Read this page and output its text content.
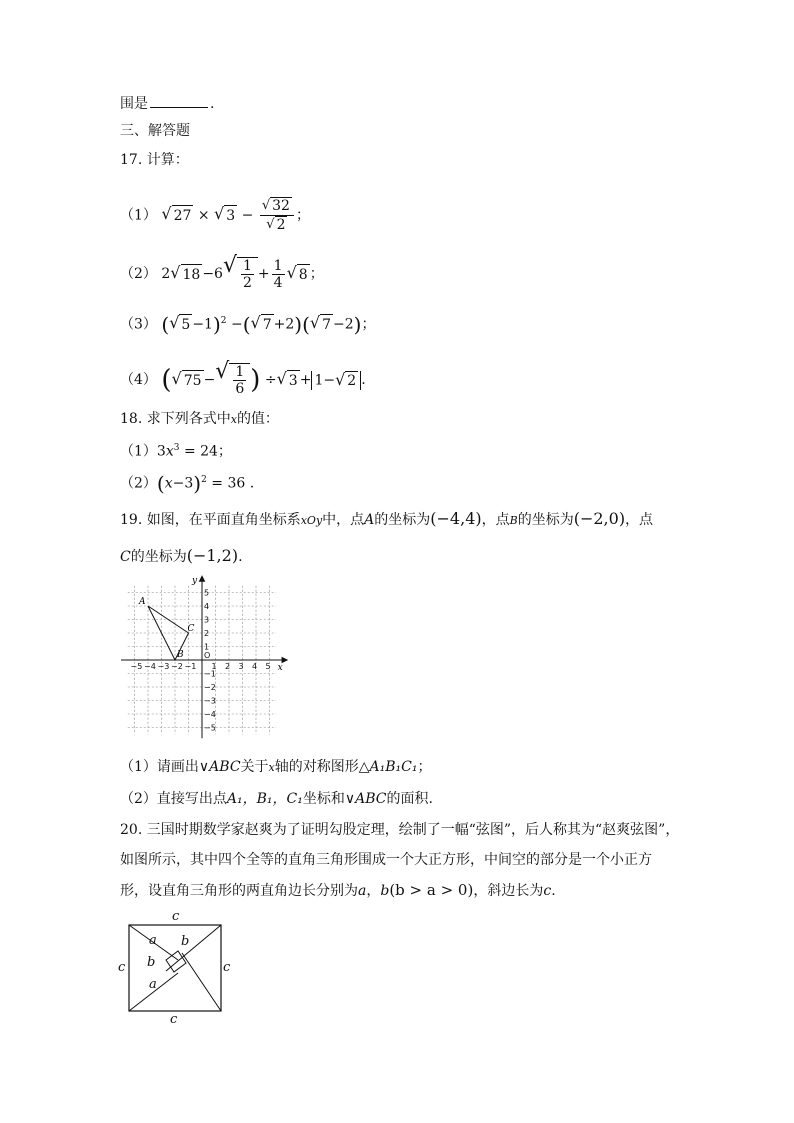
围是	.
三、解答题
17. 计算：
（1） √ 27 × √ $3 - \frac{√ 32}{√ 2}$ ；
（2） 2 √ 18 −6 √ $\frac{1}{2} + \frac{1}{4}$ √ 8 ；
（3） ( √ 5 −1)$^2$ −( √ 7 +2)( √ 7 −2)；
（4） ( √ 75 − √ $\frac{1}{6}$ ) ÷ √ 3 + 1− √ 2 .
18. 求下列各式中x的值：
$(1)3x^3 = 24$；
$(2)(x-3)^2 = 36$ .
19. 如图，在平面直角坐标系xOy中，点A的坐标为(−4,4)，点B的坐标为(−2,0)，点
C的坐标为(−1,2).
−5 −4 −3 −2 −1
O
1 2 3 4 5
5
4
3
2
1
−1
−2
−3
−4
−5
A
B
C
x
y
（1）请画出∨ABC关于x轴的对称图形△A₁B₁C₁；
（2）直接写出点A₁，B₁，C₁坐标和∨ABC的面积.
20. 三国时期数学家赵爽为了证明勾股定理，绘制了一幅“弦图”，后人称其为“赵爽弦图”，
如图所示，其中四个全等的直角三角形围成一个大正方形，中间空的部分是一个小正方
形，设直角三角形的两直角边长分别为a，b(b > a > 0)，斜边长为c.
c
c	c
c
a b
b
a
